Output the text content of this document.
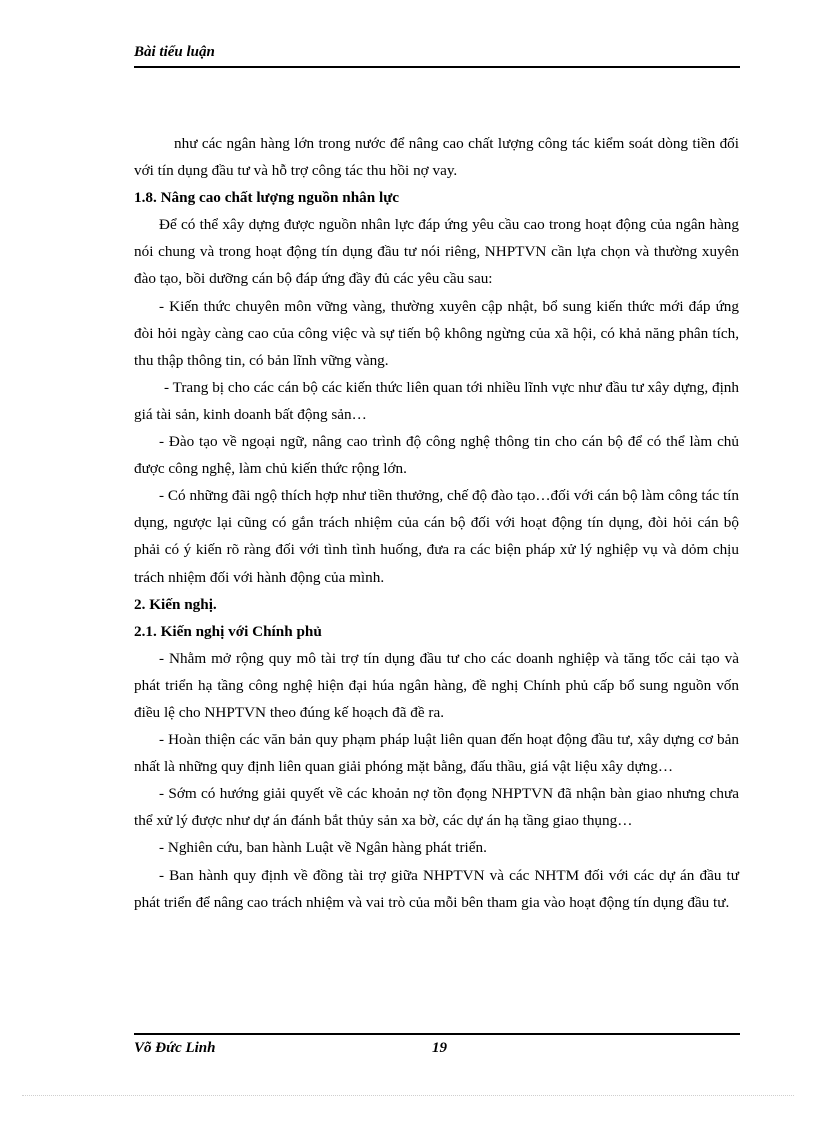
Bài tiểu luận

như các ngân hàng lớn trong nước để nâng cao chất lượng công tác kiểm soát dòng tiền đối với tín dụng đầu tư và hỗ trợ công tác thu hồi nợ vay.

1.8. Nâng cao chất lượng nguồn nhân lực

Để có thể xây dựng được nguồn nhân lực đáp ứng yêu cầu cao trong hoạt động của ngân hàng nói chung và trong hoạt động tín dụng đầu tư nói riêng, NHPTVN cần lựa chọn và thường xuyên đào tạo, bồi dưỡng cán bộ đáp ứng đầy đủ các yêu cầu sau:

- Kiến thức chuyên môn vững vàng, thường xuyên cập nhật, bổ sung kiến thức mới đáp ứng đòi hỏi ngày càng cao của công việc và sự tiến bộ không ngừng của xã hội, có khả năng phân tích, thu thập thông tin, có bản lĩnh vững vàng.

- Trang bị cho các cán bộ các kiến thức liên quan tới nhiều lĩnh vực như đầu tư xây dựng, định giá tài sản, kinh doanh bất động sản…

- Đào tạo về ngoại ngữ, nâng cao trình độ công nghệ thông tin cho cán bộ để có thể làm chủ được công nghệ, làm chủ kiến thức rộng lớn.

- Có những đãi ngộ thích hợp như tiền thưởng, chế độ đào tạo…đối với cán bộ làm công tác tín dụng, ngược lại cũng có gắn trách nhiệm của cán bộ đối với hoạt động tín dụng, đòi hỏi cán bộ phải có ý kiến rõ ràng đối với tình tình huống, đưa ra các biện pháp xử lý nghiệp vụ và dỏm chịu trách nhiệm đối với hành động của mình.

2. Kiến nghị.

2.1. Kiến nghị với Chính phủ

- Nhằm mở rộng quy mô tài trợ tín dụng đầu tư cho các doanh nghiệp và tăng tốc cải tạo và phát triển hạ tầng công nghệ hiện đại húa ngân hàng, đề nghị Chính phủ cấp bổ sung nguồn vốn điều lệ cho NHPTVN theo đúng kế hoạch đã đề ra.

- Hoàn thiện các văn bản quy phạm pháp luật liên quan đến hoạt động đầu tư, xây dựng cơ bản nhất là những quy định liên quan giải phóng mặt bằng, đấu thầu, giá vật liệu xây dựng…

- Sớm có hướng giải quyết về các khoản nợ tồn đọng NHPTVN đã nhận bàn giao nhưng chưa thể xử lý được như dự án đánh bắt thủy sản xa bờ, các dự án hạ tầng giao thụng…

- Nghiên cứu, ban hành Luật về Ngân hàng phát triển.

- Ban hành quy định về đồng tài trợ giữa NHPTVN và các NHTM đối với các dự án đầu tư phát triển để nâng cao trách nhiệm và vai trò của mỗi bên tham gia vào hoạt động tín dụng đầu tư.

Võ Đức Linh	19
